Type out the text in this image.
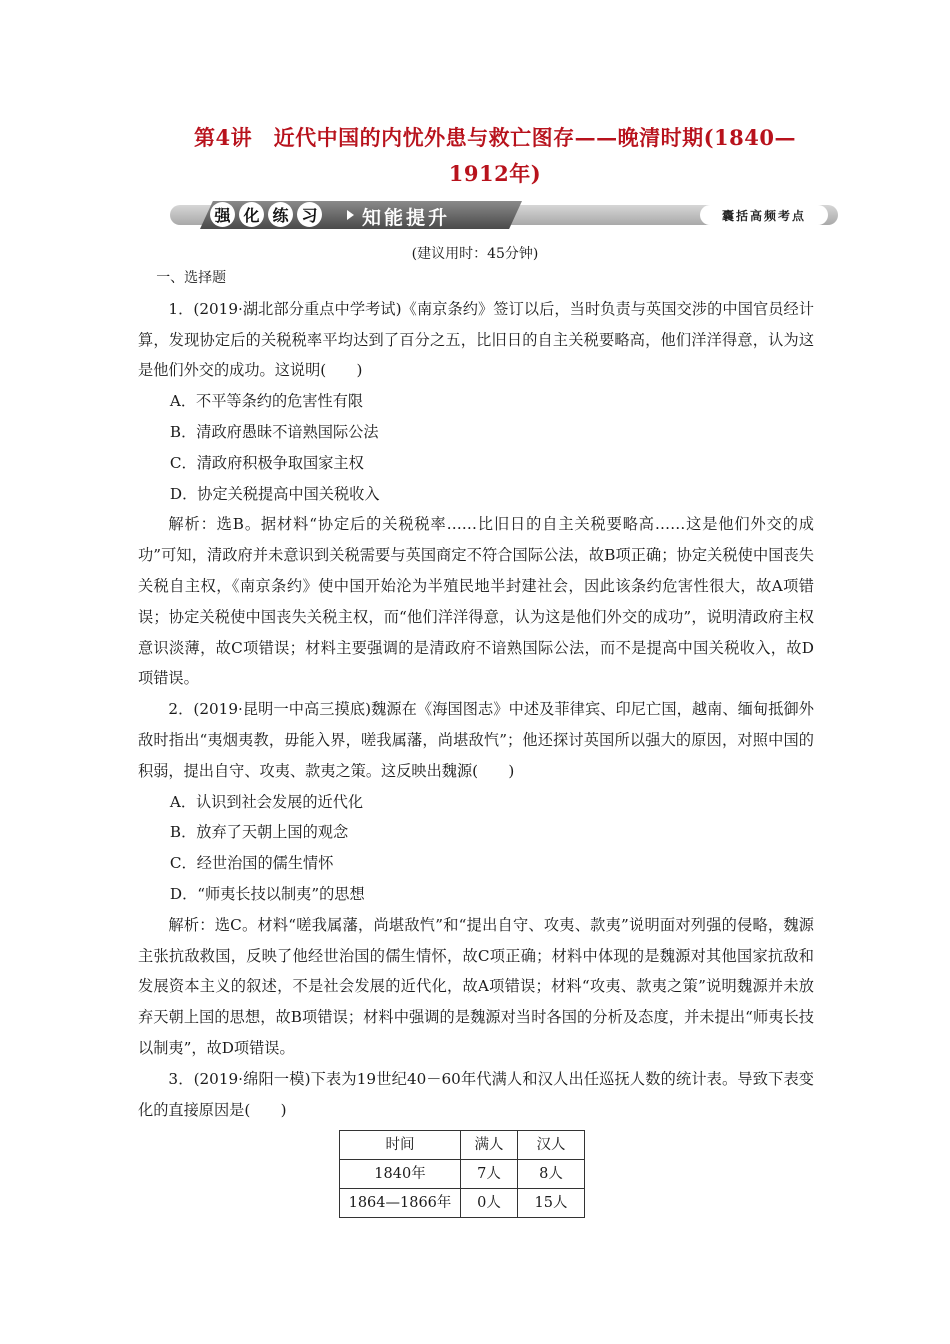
第4讲　近代中国的内忧外患与救亡图存——晚清时期(1840—
1912年)
强 化 练 习 知能提升	囊括高频考点
(建议用时：45分钟)

一、选择题

1．(2019·湖北部分重点中学考试)《南京条约》签订以后，当时负责与英国交涉的中国官员经计算，发现协定后的关税税率平均达到了百分之五，比旧日的自主关税要略高，他们洋洋得意，认为这是他们外交的成功。这说明(　　)

A．不平等条约的危害性有限

B．清政府愚昧不谙熟国际公法

C．清政府积极争取国家主权

D．协定关税提高中国关税收入

解析：选B。据材料“协定后的关税税率……比旧日的自主关税要略高……这是他们外交的成功”可知，清政府并未意识到关税需要与英国商定不符合国际公法，故B项正确；协定关税使中国丧失关税自主权，《南京条约》使中国开始沦为半殖民地半封建社会，因此该条约危害性很大，故A项错误；协定关税使中国丧失关税主权，而“他们洋洋得意，认为这是他们外交的成功”，说明清政府主权意识淡薄，故C项错误；材料主要强调的是清政府不谙熟国际公法，而不是提高中国关税收入，故D项错误。

2．(2019·昆明一中高三摸底)魏源在《海国图志》中述及菲律宾、印尼亡国，越南、缅甸抵御外敌时指出“夷烟夷教，毋能入界，嗟我属藩，尚堪敌忾”；他还探讨英国所以强大的原因，对照中国的积弱，提出自守、攻夷、款夷之策。这反映出魏源(　　)

A．认识到社会发展的近代化

B．放弃了天朝上国的观念

C．经世治国的儒生情怀

D．“师夷长技以制夷”的思想

解析：选C。材料“嗟我属藩，尚堪敌忾”和“提出自守、攻夷、款夷”说明面对列强的侵略，魏源主张抗敌救国，反映了他经世治国的儒生情怀，故C项正确；材料中体现的是魏源对其他国家抗敌和发展资本主义的叙述，不是社会发展的近代化，故A项错误；材料“攻夷、款夷之策”说明魏源并未放弃天朝上国的思想，故B项错误；材料中强调的是魏源对当时各国的分析及态度，并未提出“师夷长技以制夷”，故D项错误。

3．(2019·绵阳一模)下表为19世纪40－60年代满人和汉人出任巡抚人数的统计表。导致下表变化的直接原因是(　　)

时间	满人	汉人
1840年	7人	8人
1864—1866年	0人	15人
